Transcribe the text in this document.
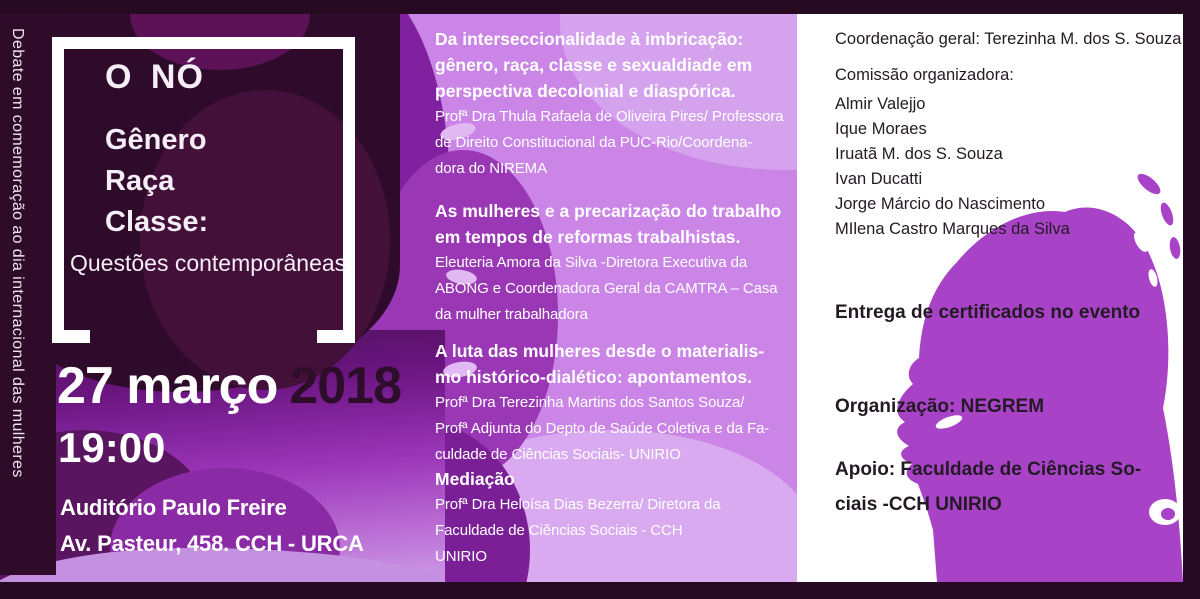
Debate em comemoração ao dia internacional das mulheres O NÓ
Gênero
Raça
Classe:
Questões contemporâneas
27 março 2018
19:00
Auditório Paulo Freire
Av. Pasteur, 458. CCH - URCA
Da interseccionalidade à imbricação:
gênero, raça, classe e sexualdiade em
perspectiva decolonial e diaspórica.
Profª Dra Thula Rafaela de Oliveira Pires/ Professora
de Direito Constitucional da PUC-Rio/Coordena-
dora do NIREMA
As mulheres e a precarização do trabalho
em tempos de reformas trabalhistas.
Eleuteria Amora da Silva -Diretora Executiva da
ABONG e Coordenadora Geral da CAMTRA – Casa
da mulher trabalhadora
A luta das mulheres desde o materialis-
mo histórico-dialético: apontamentos.
Profª Dra Terezinha Martins dos Santos Souza/
Profª Adjunta do Depto de Saúde Coletiva e da Fa-
culdade de Ciências Sociais- UNIRIO
Mediação
Profª Dra Heloísa Dias Bezerra/ Diretora da
Faculdade de Ciências Sociais - CCH
UNIRIO
Coordenação geral: Terezinha M. dos S. Souza.
Comissão organizadora:
Almir Valejjo
Ique Moraes
Iruatã M. dos S. Souza
Ivan Ducatti
Jorge Márcio do Nascimento
MIlena Castro Marques da Silva
Entrega de certificados no evento
Organização: NEGREM
Apoio: Faculdade de Ciências So-
ciais -CCH UNIRIO
